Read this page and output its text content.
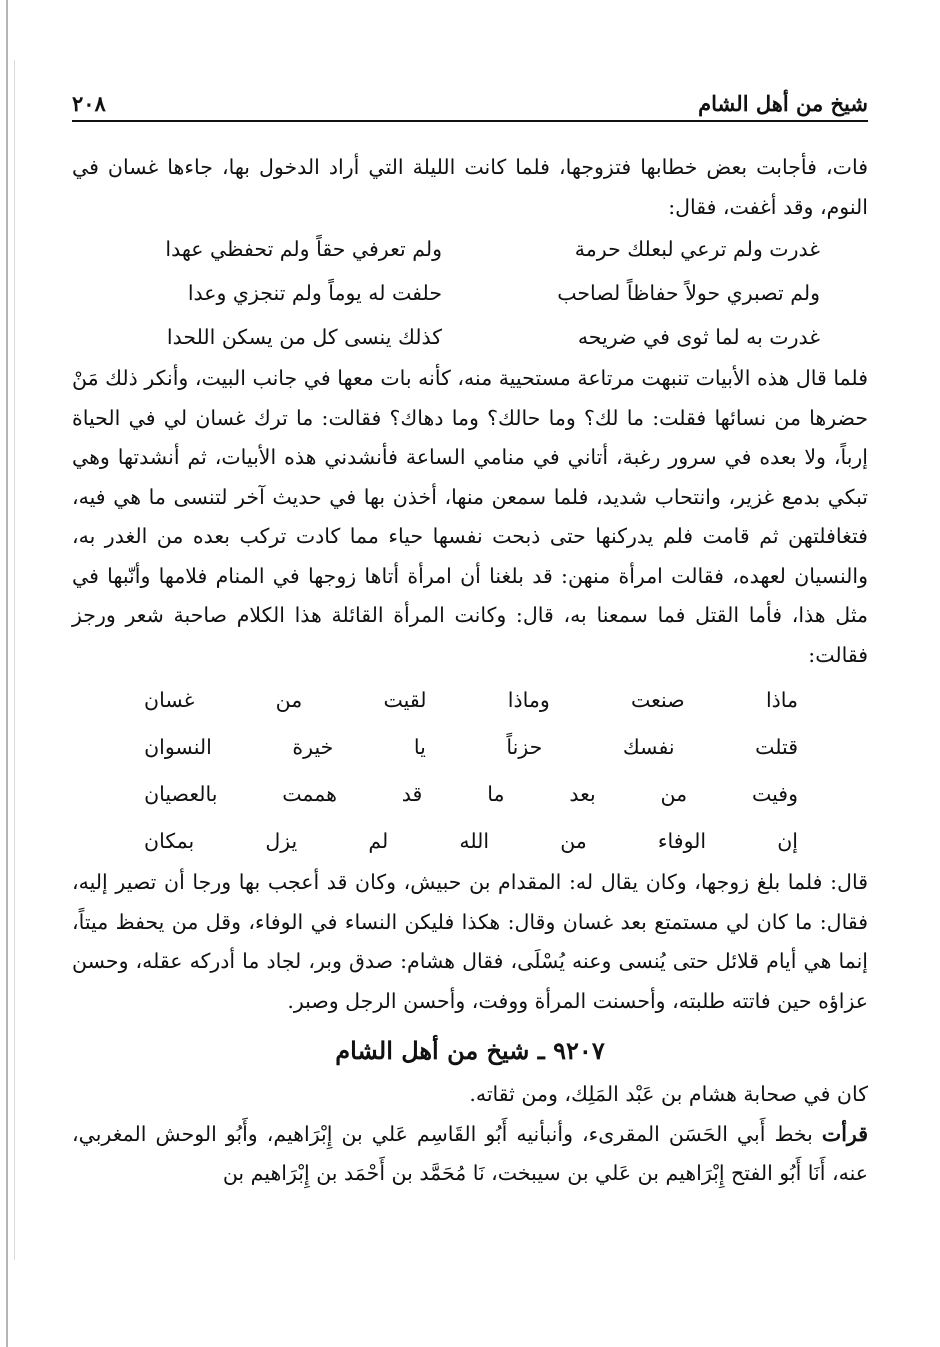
شيخ من أهل الشام
٢٠٨

فات، فأجابت بعض خطابها فتزوجها، فلما كانت الليلة التي أراد الدخول بها، جاءها غسان في النوم، وقد أغفت، فقال:

غدرت ولم ترعي لبعلك حرمة
ولم تعرفي حقاً ولم تحفظي عهدا
ولم تصبري حولاً حفاظاً لصاحب
حلفت له يوماً ولم تنجزي وعدا
غدرت به لما ثوى في ضريحه
كذلك ينسى كل من يسكن اللحدا

فلما قال هذه الأبيات تنبهت مرتاعة مستحيية منه، كأنه بات معها في جانب البيت، وأنكر ذلك مَنْ حضرها من نسائها فقلت: ما لك؟ وما حالك؟ وما دهاك؟ فقالت: ما ترك غسان لي في الحياة إرباً، ولا بعده في سرور رغبة، أتاني في منامي الساعة فأنشدني هذه الأبيات، ثم أنشدتها وهي تبكي بدمع غزير، وانتحاب شديد، فلما سمعن منها، أخذن بها في حديث آخر لتنسى ما هي فيه، فتغافلتهن ثم قامت فلم يدركنها حتى ذبحت نفسها حياء مما كادت تركب بعده من الغدر به، والنسيان لعهده، فقالت امرأة منهن: قد بلغنا أن امرأة أتاها زوجها في المنام فلامها وأنّبها في مثل هذا، فأما القتل فما سمعنا به، قال: وكانت المرأة القائلة هذا الكلام صاحبة شعر ورجز فقالت:

ماذا
صنعت
وماذا
لقيت
من
غسان
قتلت
نفسك
حزناً
يا
خيرة
النسوان
وفيت
من
بعد
ما
قد
هممت
بالعصيان
إن
الوفاء
من
الله
لم
يزل
بمكان

قال: فلما بلغ زوجها، وكان يقال له: المقدام بن حبيش، وكان قد أعجب بها ورجا أن تصير إليه، فقال: ما كان لي مستمتع بعد غسان وقال: هكذا فليكن النساء في الوفاء، وقل من يحفظ ميتاً، إنما هي أيام قلائل حتى يُنسى وعنه يُسْلَى، فقال هشام: صدق وبر، لجاد ما أدركه عقله، وحسن عزاؤه حين فاتته طلبته، وأحسنت المرأة ووفت، وأحسن الرجل وصبر.

٩٢٠٧ ـ شيخ من أهل الشام

كان في صحابة هشام بن عَبْد المَلِك، ومن ثقاته.

قرأت بخط أَبي الحَسَن المقرىء، وأنبأنيه أَبُو القَاسِم عَلي بن إِبْرَاهيم، وأَبُو الوحش المغربي، عنه، أَنَا أَبُو الفتح إِبْرَاهيم بن عَلي بن سيبخت، نَا مُحَمَّد بن أَحْمَد بن إِبْرَاهيم بن
